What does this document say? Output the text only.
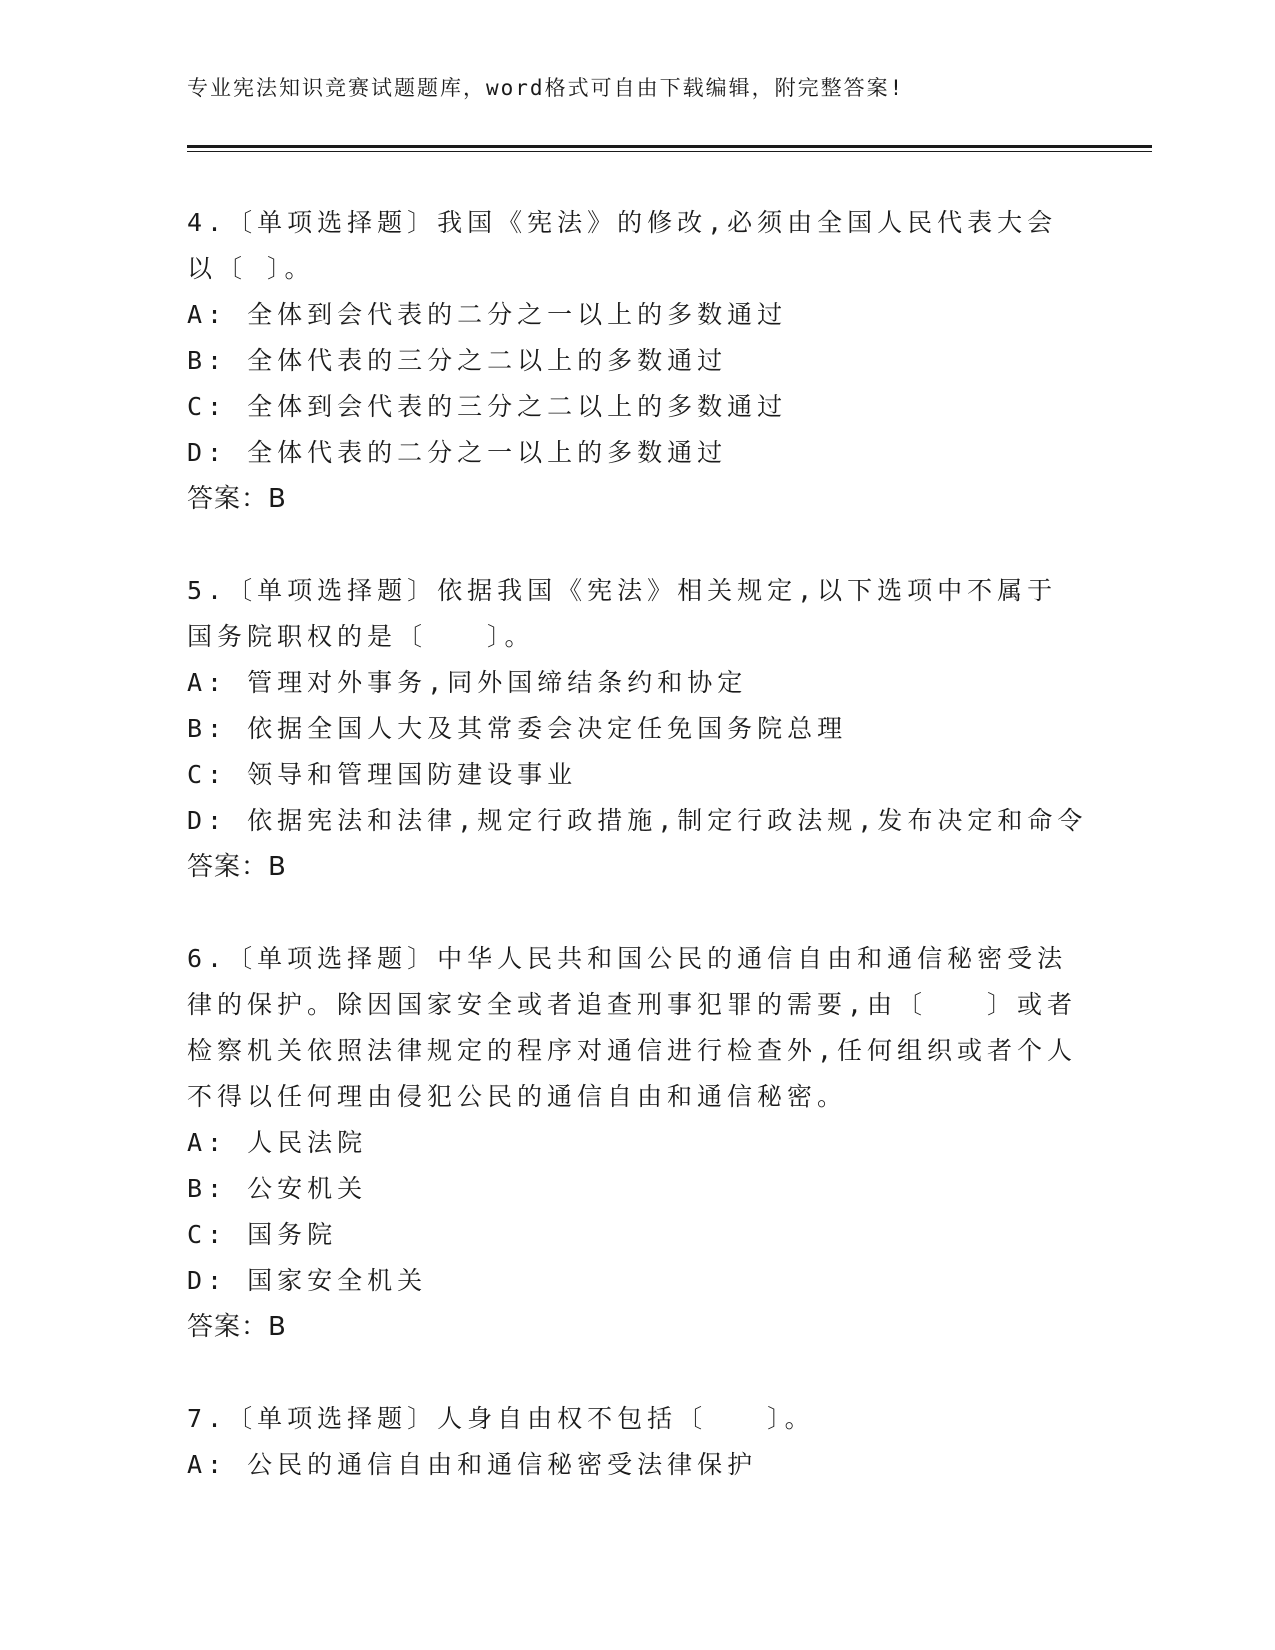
专业宪法知识竞赛试题题库，word格式可自由下载编辑，附完整答案!

4.〔单项选择题〕我国《宪法》的修改,必须由全国人民代表大会以〔 〕。

A: 全体到会代表的二分之一以上的多数通过
B: 全体代表的三分之二以上的多数通过
C: 全体到会代表的三分之二以上的多数通过
D: 全体代表的二分之一以上的多数通过
答案：B

5.〔单项选择题〕依据我国《宪法》相关规定,以下选项中不属于国务院职权的是〔　　〕。

A: 管理对外事务,同外国缔结条约和协定
B: 依据全国人大及其常委会决定任免国务院总理
C: 领导和管理国防建设事业
D: 依据宪法和法律,规定行政措施,制定行政法规,发布决定和命令
答案：B

6.〔单项选择题〕中华人民共和国公民的通信自由和通信秘密受法律的保护。除因国家安全或者追查刑事犯罪的需要,由〔　　〕或者检察机关依照法律规定的程序对通信进行检查外,任何组织或者个人不得以任何理由侵犯公民的通信自由和通信秘密。

A: 人民法院
B: 公安机关
C: 国务院
D: 国家安全机关
答案：B

7.〔单项选择题〕人身自由权不包括〔　　〕。

A: 公民的通信自由和通信秘密受法律保护
